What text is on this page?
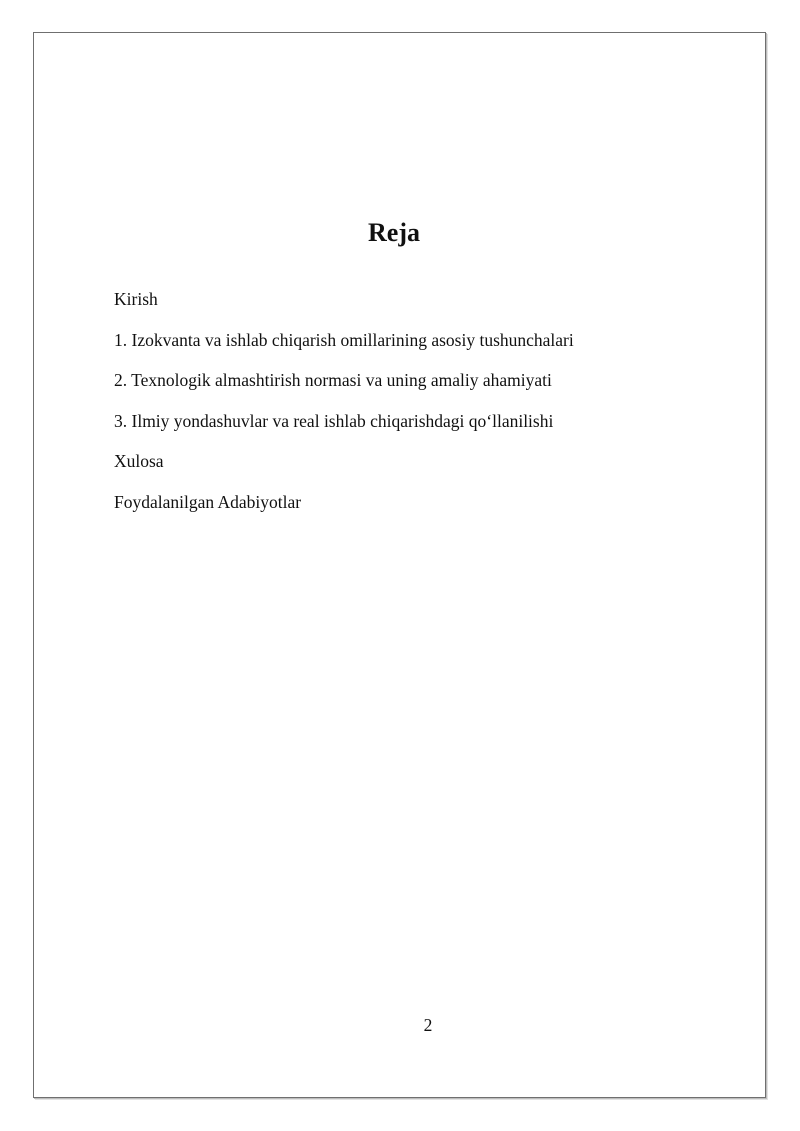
Reja
Kirish
1. Izokvanta va ishlab chiqarish omillarining asosiy tushunchalari
2. Texnologik almashtirish normasi va uning amaliy ahamiyati
3. Ilmiy yondashuvlar va real ishlab chiqarishdagi qo‘llanilishi
Xulosa
Foydalanilgan Adabiyotlar
2
